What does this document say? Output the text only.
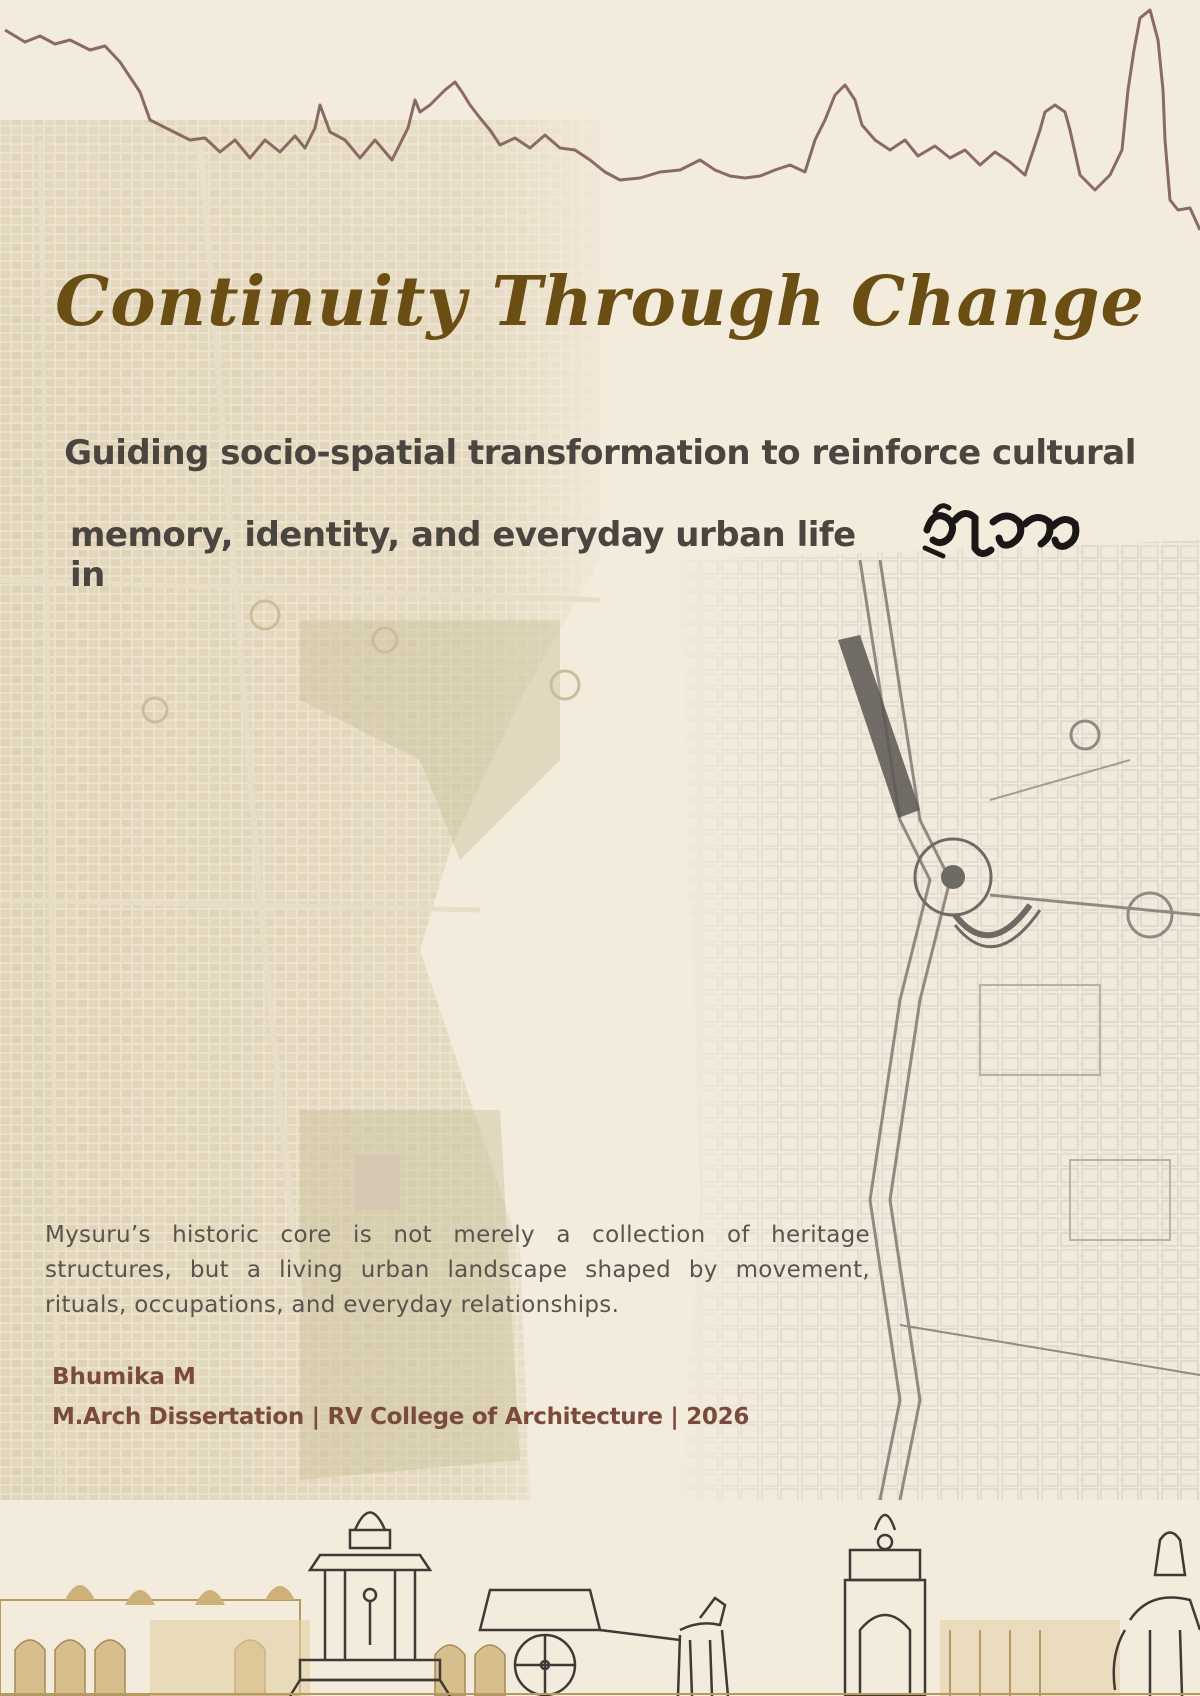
Continuity Through Change

Guiding socio-spatial transformation to reinforce cultural

memory, identity, and everyday urban life in

Mysuru’s historic core is not merely a collection of heritage structures, but a living urban landscape shaped by movement, rituals, occupations, and everyday relationships.

Bhumika M

M.Arch Dissertation | RV College of Architecture | 2026
